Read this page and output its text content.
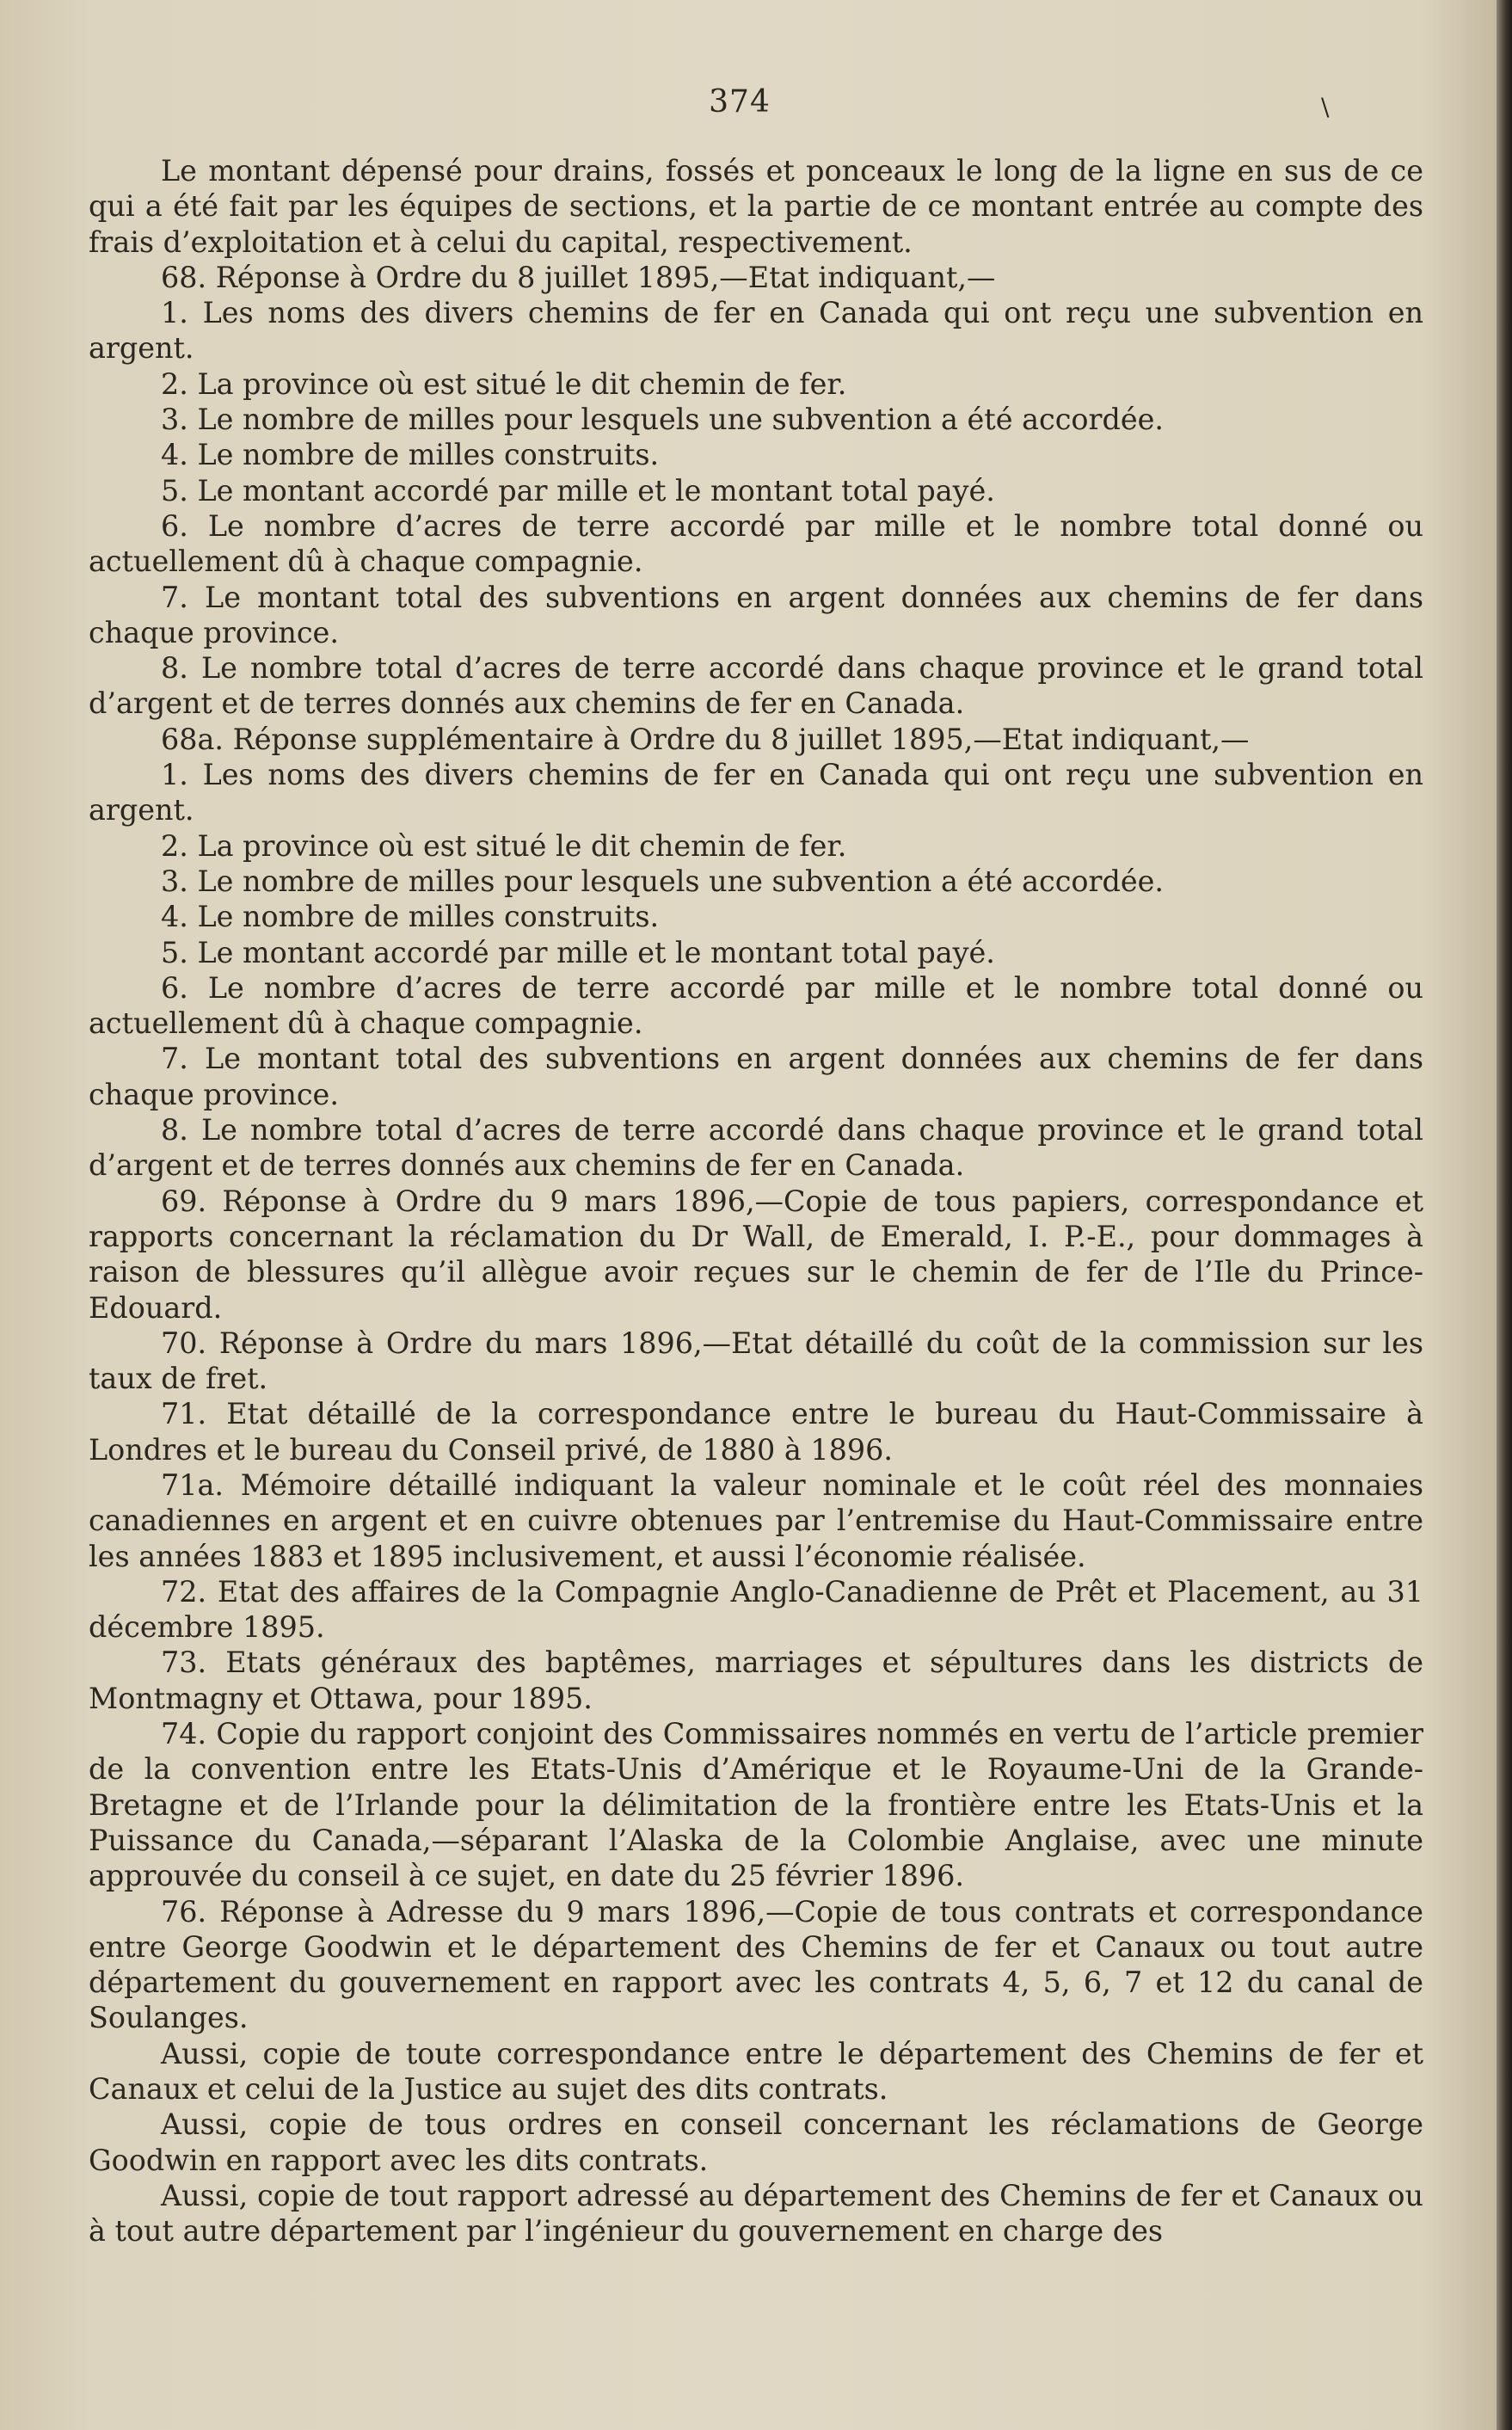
374	\

Le montant dépensé pour drains, fossés et ponceaux le long de la ligne en sus de ce qui a été fait par les équipes de sections, et la partie de ce montant entrée au compte des frais d’exploitation et à celui du capital, respectivement.

68. Réponse à Ordre du 8 juillet 1895,—Etat indiquant,—

1. Les noms des divers chemins de fer en Canada qui ont reçu une subvention en argent.

2. La province où est situé le dit chemin de fer.

3. Le nombre de milles pour lesquels une subvention a été accordée.

4. Le nombre de milles construits.

5. Le montant accordé par mille et le montant total payé.

6. Le nombre d’acres de terre accordé par mille et le nombre total donné ou actuellement dû à chaque compagnie.

7. Le montant total des subventions en argent données aux chemins de fer dans chaque province.

8. Le nombre total d’acres de terre accordé dans chaque province et le grand total d’argent et de terres donnés aux chemins de fer en Canada.

68a. Réponse supplémentaire à Ordre du 8 juillet 1895,—Etat indiquant,—

1. Les noms des divers chemins de fer en Canada qui ont reçu une subvention en argent.

2. La province où est situé le dit chemin de fer.

3. Le nombre de milles pour lesquels une subvention a été accordée.

4. Le nombre de milles construits.

5. Le montant accordé par mille et le montant total payé.

6. Le nombre d’acres de terre accordé par mille et le nombre total donné ou actuellement dû à chaque compagnie.

7. Le montant total des subventions en argent données aux chemins de fer dans chaque province.

8. Le nombre total d’acres de terre accordé dans chaque province et le grand total d’argent et de terres donnés aux chemins de fer en Canada.

69. Réponse à Ordre du 9 mars 1896,—Copie de tous papiers, correspondance et rapports concernant la réclamation du Dr Wall, de Emerald, I. P.-E., pour dommages à raison de blessures qu’il allègue avoir reçues sur le chemin de fer de l’Ile du Prince-Edouard.

70. Réponse à Ordre du mars 1896,—Etat détaillé du coût de la commission sur les taux de fret.

71. Etat détaillé de la correspondance entre le bureau du Haut-Commissaire à Londres et le bureau du Conseil privé, de 1880 à 1896.

71a. Mémoire détaillé indiquant la valeur nominale et le coût réel des monnaies canadiennes en argent et en cuivre obtenues par l’entremise du Haut-Commissaire entre les années 1883 et 1895 inclusivement, et aussi l’économie réalisée.

72. Etat des affaires de la Compagnie Anglo-Canadienne de Prêt et Placement, au 31 décembre 1895.

73. Etats généraux des baptêmes, marriages et sépultures dans les districts de Montmagny et Ottawa, pour 1895.

74. Copie du rapport conjoint des Commissaires nommés en vertu de l’article premier de la convention entre les Etats-Unis d’Amérique et le Royaume-Uni de la Grande-Bretagne et de l’Irlande pour la délimitation de la frontière entre les Etats-Unis et la Puissance du Canada,—séparant l’Alaska de la Colombie Anglaise, avec une minute approuvée du conseil à ce sujet, en date du 25 février 1896.

76. Réponse à Adresse du 9 mars 1896,—Copie de tous contrats et correspondance entre George Goodwin et le département des Chemins de fer et Canaux ou tout autre département du gouvernement en rapport avec les contrats 4, 5, 6, 7 et 12 du canal de Soulanges.

Aussi, copie de toute correspondance entre le département des Chemins de fer et Canaux et celui de la Justice au sujet des dits contrats.

Aussi, copie de tous ordres en conseil concernant les réclamations de George Goodwin en rapport avec les dits contrats.

Aussi, copie de tout rapport adressé au département des Chemins de fer et Canaux ou à tout autre département par l’ingénieur du gouvernement en charge des
